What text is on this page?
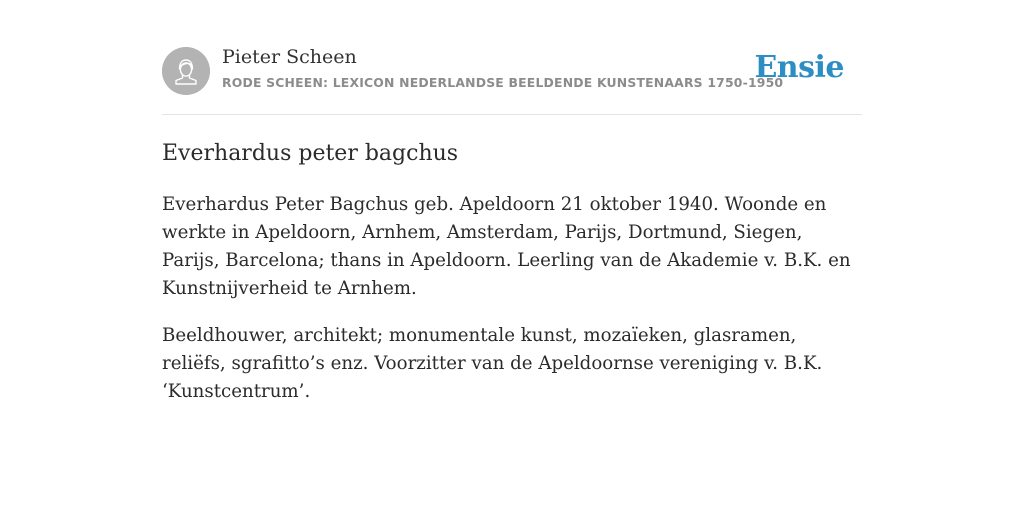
Pieter Scheen
RODE SCHEEN: LEXICON NEDERLANDSE BEELDENDE KUNSTENAARS 1750-1950
Ensie
Everhardus peter bagchus

Everhardus Peter Bagchus geb. Apeldoorn 21 oktober 1940. Woonde en werkte in Apeldoorn, Arnhem, Amsterdam, Parijs, Dortmund, Siegen, Parijs, Barcelona; thans in Apeldoorn. Leerling van de Akademie v. B.K. en Kunstnijverheid te Arnhem.

Beeldhouwer, architekt; monumentale kunst, mozaïeken, glasramen, reliëfs, sgrafitto’s enz. Voorzitter van de Apeldoornse vereniging v. B.K. ‘Kunstcentrum’.
